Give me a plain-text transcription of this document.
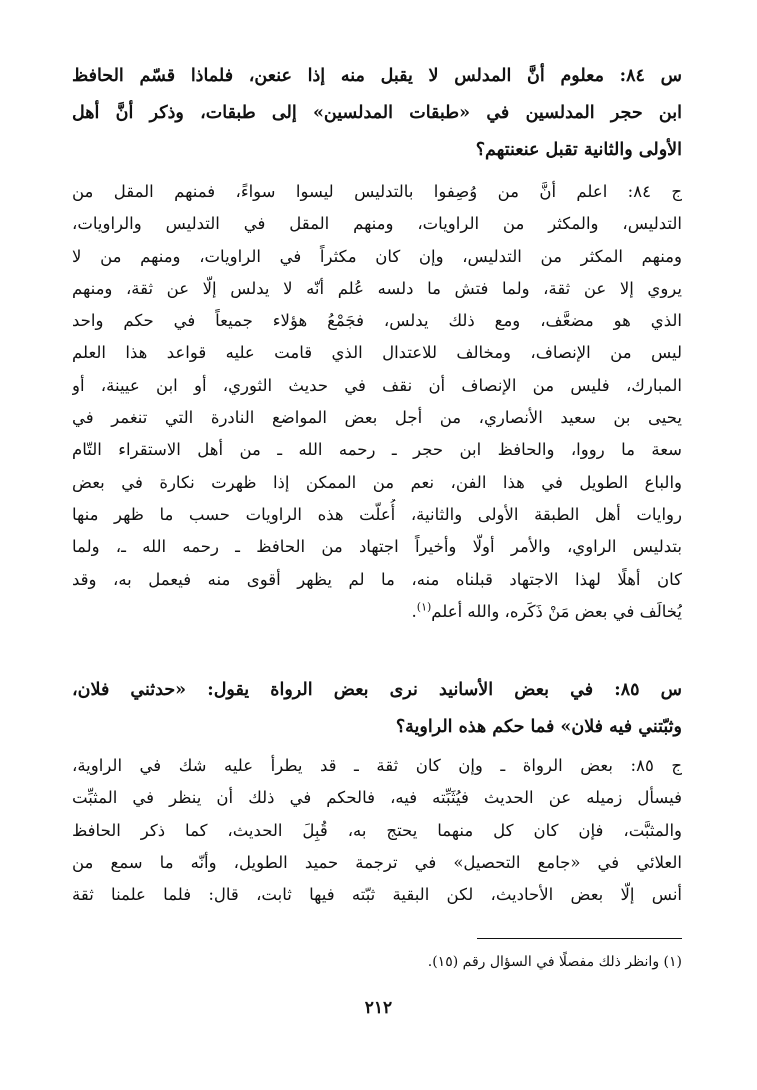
س ٨٤: معلوم أنَّ المدلس لا يقبل منه إذا عنعن، فلماذا قسّم الحافظ
ابن حجر المدلسين في «طبقات المدلسين» إلى طبقات، وذكر أنَّ أهل
الأولى والثانية تقبل عنعنتهم؟
ج ٨٤: اعلم أنَّ من وُصِفوا بالتدليس ليسوا سواءً، فمنهم المقل من
التدليس، والمكثر من الراويات، ومنهم المقل في التدليس والراويات،
ومنهم المكثر من التدليس، وإن كان مكثراً في الراويات، ومنهم من لا
يروي إلا عن ثقة، ولما فتش ما دلسه عُلم أنّه لا يدلس إلّا عن ثقة، ومنهم
الذي هو مضعَّف، ومع ذلك يدلس، فجَمْعُ هؤلاء جميعاً في حكم واحد
ليس من الإنصاف، ومخالف للاعتدال الذي قامت عليه قواعد هذا العلم
المبارك، فليس من الإنصاف أن نقف في حديث الثوري، أو ابن عيينة، أو
يحيى بن سعيد الأنصاري، من أجل بعض المواضع النادرة التي تنغمر في
سعة ما رووا، والحافظ ابن حجر ـ رحمه الله ـ من أهل الاستقراء التّام
والباع الطويل في هذا الفن، نعم من الممكن إذا ظهرت نكارة في بعض
روايات أهل الطبقة الأولى والثانية، أُعلّت هذه الراويات حسب ما ظهر منها
بتدليس الراوي، والأمر أولّا وأخيراً اجتهاد من الحافظ ـ رحمه الله ـ، ولما
كان أهلًا لهذا الاجتهاد قبلناه منه، ما لم يظهر أقوى منه فيعمل به، وقد
يُخالَف في بعض مَنْ ذَكَره، والله أعلم$^{(١)}$.
س ٨٥: في بعض الأسانيد نرى بعض الرواة يقول: «حدثني فلان،
وثبّتني فيه فلان» فما حكم هذه الراوية؟
ج ٨٥: بعض الرواة ـ وإن كان ثقة ـ قد يطرأ عليه شك في الراوية،
فيسأل زميله عن الحديث فيُثَبِّته فيه، فالحكم في ذلك أن ينظر في المثبِّت
والمثبَّت، فإن كان كل منهما يحتج به، قُبِلَ الحديث، كما ذكر الحافظ
العلائي في «جامع التحصيل» في ترجمة حميد الطويل، وأنّه ما سمع من
أنس إلّا بعض الأحاديث، لكن البقية ثبّته فيها ثابت، قال: فلما علمنا ثقة
(١) وانظر ذلك مفصلًا في السؤال رقم (١٥).
٢١٢
